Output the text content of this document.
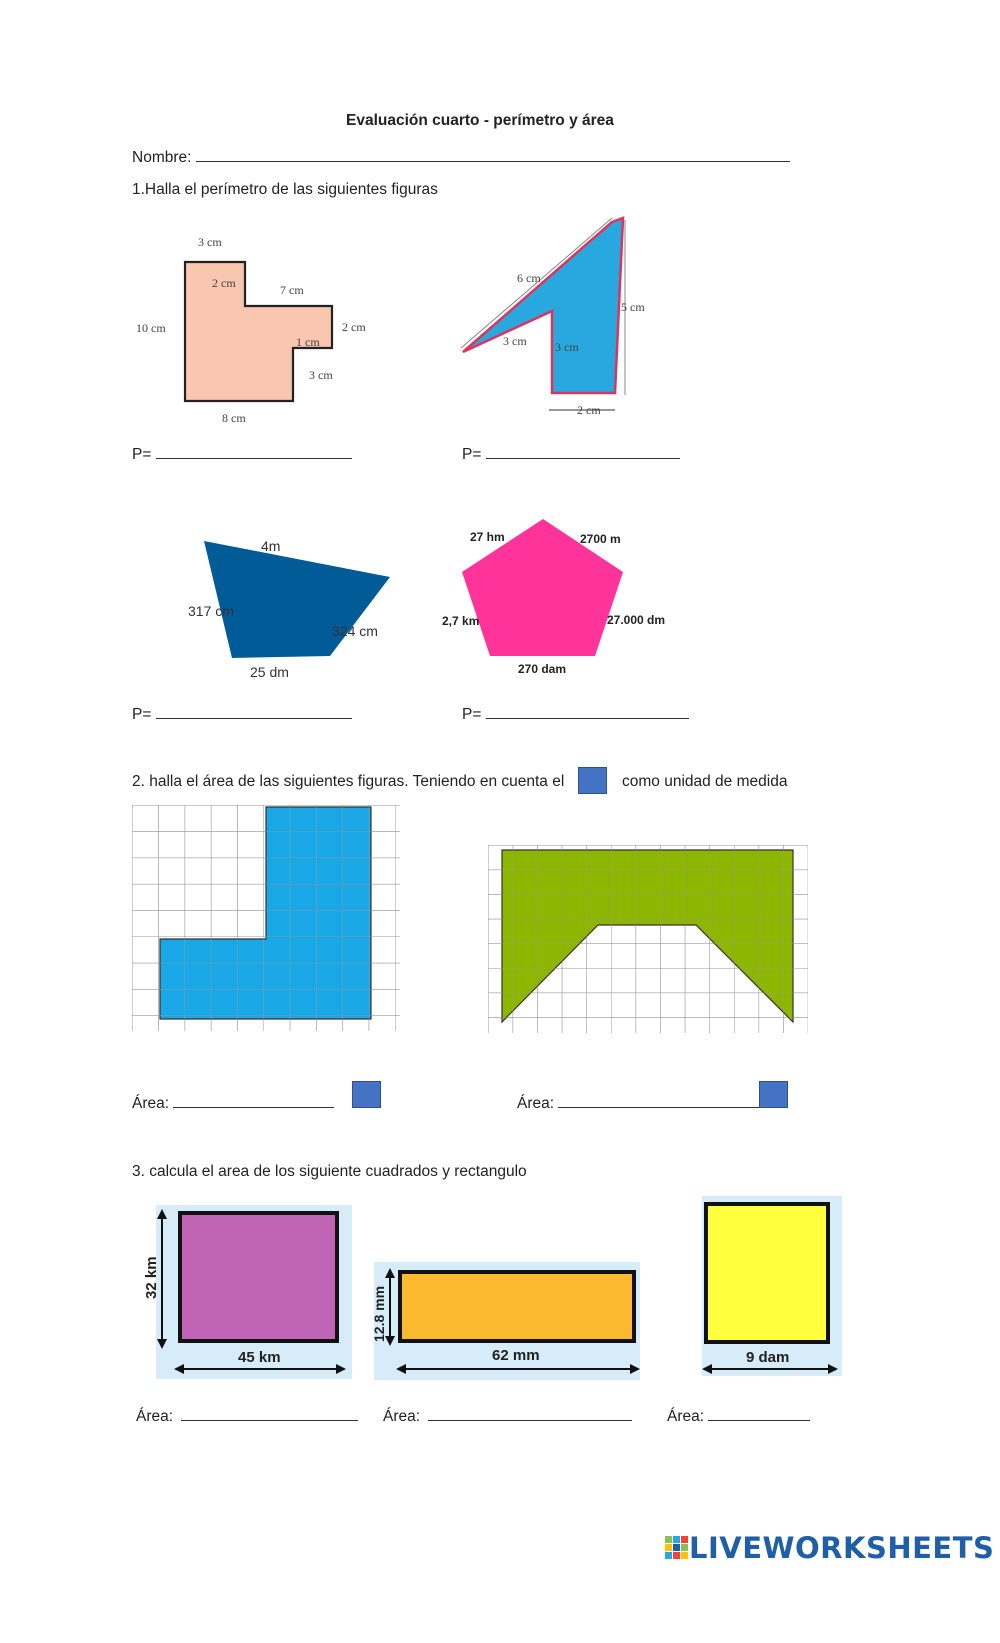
Evaluación cuarto - perímetro y área
Nombre:
1.Halla el perímetro de las siguientes figuras
3 cm
10 cm
2 cm	7 cm
2 cm
1 cm
3 cm
8 cm
6 cm
5 cm
3 cm 3 cm
2 cm
P=	P=
4m
317 cm
324 cm
25 dm
27 hm	2700 m
2,7 km	27.000 dm
270 dam
P=	P=
2. halla el área de las siguientes figuras. Teniendo en cuenta el	como unidad de medida
Área:	Área:
3. calcula el area de los siguiente cuadrados y rectangulo
32 km
45 km
12.8 mm
62 mm	9 dam
Área:	Área:	Área:
LIVEWORKSHEETS
